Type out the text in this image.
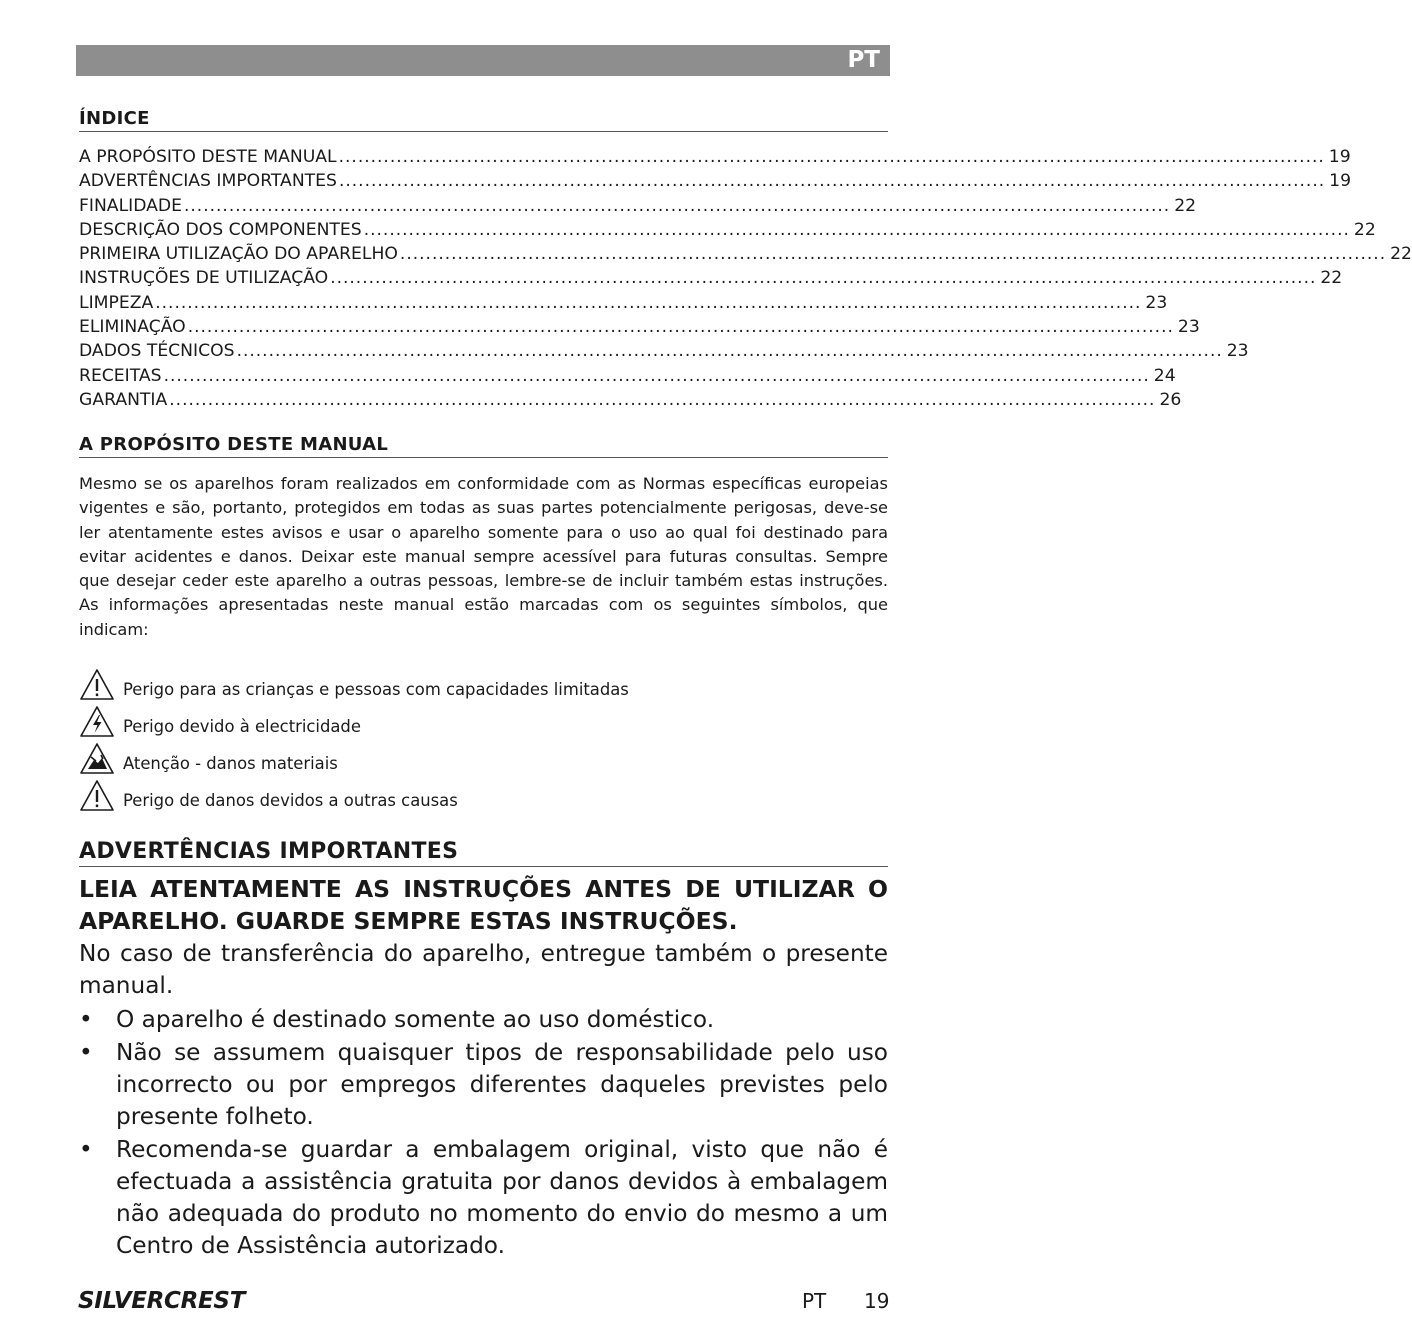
PT
ÍNDICE
A PROPÓSITO DESTE MANUAL .......................................................................................................................................................... 19
ADVERTÊNCIAS IMPORTANTES .......................................................................................................................................................... 19
FINALIDADE .......................................................................................................................................................... 22
DESCRIÇÃO DOS COMPONENTES .......................................................................................................................................................... 22
PRIMEIRA UTILIZAÇÃO DO APARELHO .......................................................................................................................................................... 22
INSTRUÇÕES DE UTILIZAÇÃO .......................................................................................................................................................... 22
LIMPEZA .......................................................................................................................................................... 23
ELIMINAÇÃO .......................................................................................................................................................... 23
DADOS TÉCNICOS .......................................................................................................................................................... 23
RECEITAS .......................................................................................................................................................... 24
GARANTIA .......................................................................................................................................................... 26
A PROPÓSITO DESTE MANUAL
Mesmo se os aparelhos foram realizados em conformidade com as Normas específicas europeias vigentes e são, portanto, protegidos em todas as suas partes potencialmente perigosas, deve-se ler atentamente estes avisos e usar o aparelho somente para o uso ao qual foi destinado para evitar acidentes e danos. Deixar este manual sempre acessível para futuras consultas. Sempre que desejar ceder este aparelho a outras pessoas, lembre-se de incluir também estas instruções. As informações apresentadas neste manual estão marcadas com os seguintes símbolos, que indicam:
Perigo para as crianças e pessoas com capacidades limitadas
Perigo devido à electricidade
Atenção - danos materiais
Perigo de danos devidos a outras causas
ADVERTÊNCIAS IMPORTANTES
LEIA ATENTAMENTE AS INSTRUÇÕES ANTES DE UTILIZAR O APARELHO. GUARDE SEMPRE ESTAS INSTRUÇÕES.
No caso de transferência do aparelho, entregue também o presente manual.
•	O aparelho é destinado somente ao uso doméstico.
•	Não se assumem quaisquer tipos de responsabilidade pelo uso incorrecto ou por empregos diferentes daqueles previstes pelo presente folheto.
•	Recomenda-se guardar a embalagem original, visto que não é efectuada a assistência gratuita por danos devidos à embalagem não adequada do produto no momento do envio do mesmo a um Centro de Assistência autorizado.
SILVERCREST	PT 19
